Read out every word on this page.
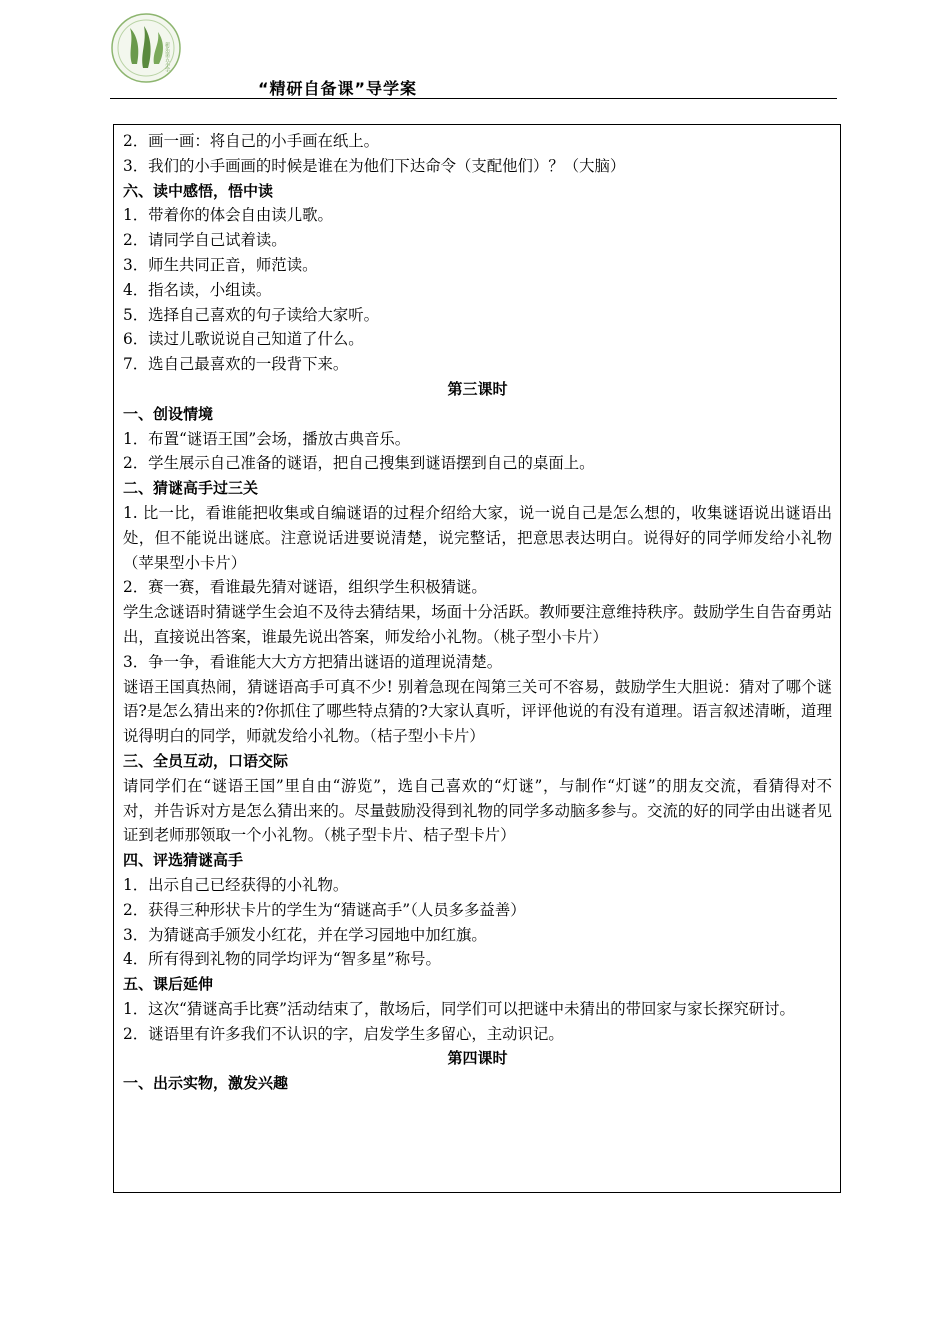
新乐第五小学
“精研自备课”导学案

2．画一画：将自己的小手画在纸上。

3．我们的小手画画的时候是谁在为他们下达命令（支配他们）？（大脑）

六、读中感悟，悟中读

1．带着你的体会自由读儿歌。

2．请同学自己试着读。

3．师生共同正音，师范读。

4．指名读，小组读。

5．选择自己喜欢的句子读给大家听。

6．读过儿歌说说自己知道了什么。

7．选自己最喜欢的一段背下来。

第三课时

一、创设情境

1．布置“谜语王国”会场，播放古典音乐。

2．学生展示自己准备的谜语，把自己搜集到谜语摆到自己的桌面上。

二、猜谜高手过三关

1. 比一比，看谁能把收集或自编谜语的过程介绍给大家，说一说自己是怎么想的，收集谜语说出谜语出处，但不能说出谜底。注意说话进要说清楚，说完整话，把意思表达明白。说得好的同学师发给小礼物（苹果型小卡片）

2．赛一赛，看谁最先猜对谜语，组织学生积极猜谜。

学生念谜语时猜谜学生会迫不及待去猜结果，场面十分活跃。教师要注意维持秩序。鼓励学生自告奋勇站出，直接说出答案，谁最先说出答案，师发给小礼物。（桃子型小卡片）

3．争一争，看谁能大大方方把猜出谜语的道理说清楚。

谜语王国真热闹，猜谜语高手可真不少! 别着急现在闯第三关可不容易，鼓励学生大胆说：猜对了哪个谜语?是怎么猜出来的?你抓住了哪些特点猜的?大家认真听，评评他说的有没有道理。语言叙述清晰，道理说得明白的同学，师就发给小礼物。（桔子型小卡片）

三、全员互动，口语交际

请同学们在“谜语王国”里自由“游览”，选自己喜欢的“灯谜”，与制作“灯谜”的朋友交流，看猜得对不对，并告诉对方是怎么猜出来的。尽量鼓励没得到礼物的同学多动脑多参与。交流的好的同学由出谜者见证到老师那领取一个小礼物。（桃子型卡片、桔子型卡片）

四、评选猜谜高手

1．出示自己已经获得的小礼物。

2．获得三种形状卡片的学生为“猜谜高手”（人员多多益善）

3．为猜谜高手颁发小红花，并在学习园地中加红旗。

4．所有得到礼物的同学均评为“智多星”称号。

五、课后延伸

1．这次“猜谜高手比赛”活动结束了，散场后，同学们可以把谜中未猜出的带回家与家长探究研讨。

2．谜语里有许多我们不认识的字，启发学生多留心，主动识记。

第四课时

一、出示实物，激发兴趣
